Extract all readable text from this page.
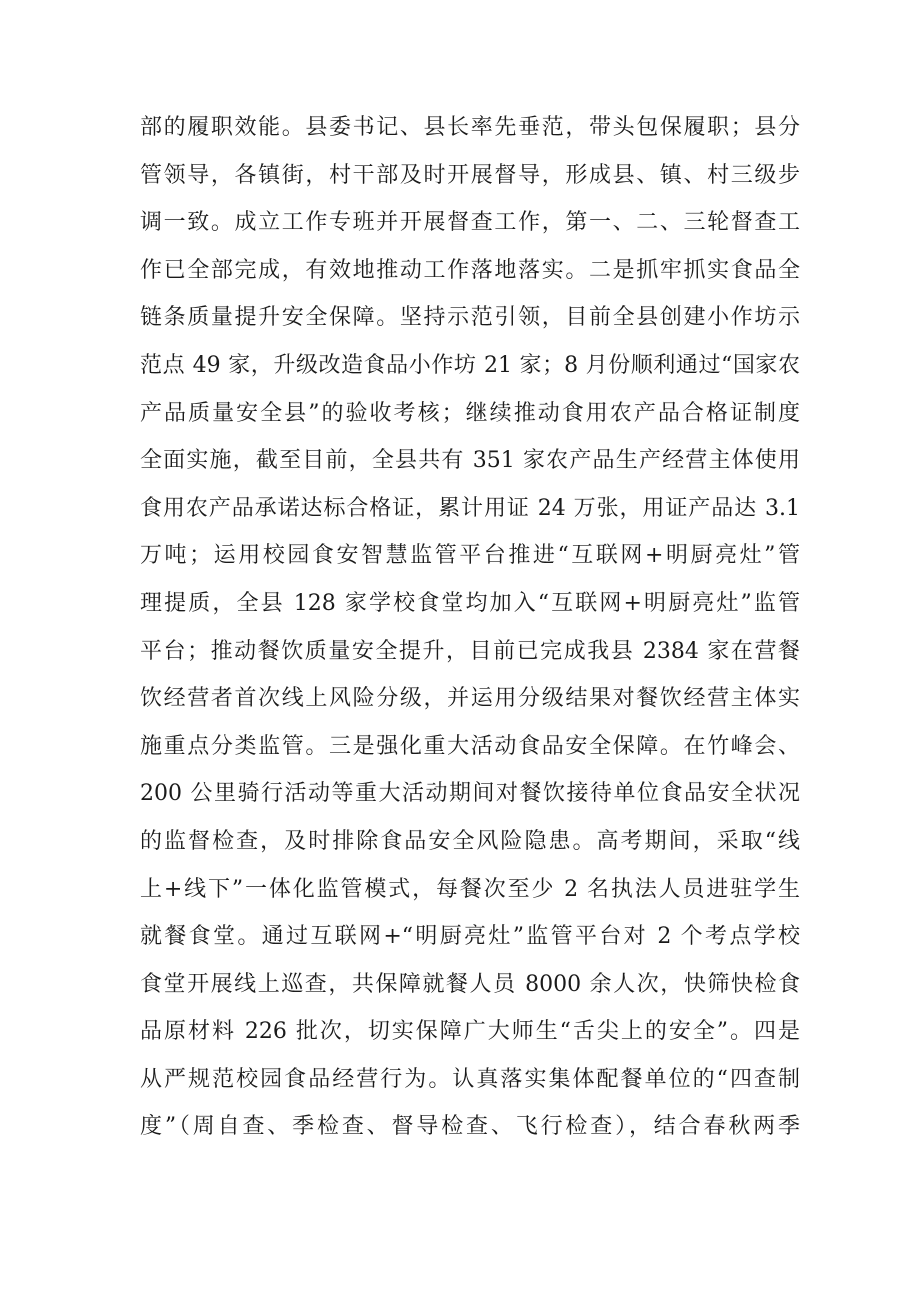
部的履职效能。县委书记、县长率先垂范，带头包保履职；县分
管领导，各镇街，村干部及时开展督导，形成县、镇、村三级步
调一致。成立工作专班并开展督查工作，第一、二、三轮督查工
作已全部完成，有效地推动工作落地落实。二是抓牢抓实食品全
链条质量提升安全保障。坚持示范引领，目前全县创建小作坊示
范点 49 家，升级改造食品小作坊 21 家；8 月份顺利通过“国家农
产品质量安全县”的验收考核；继续推动食用农产品合格证制度
全面实施，截至目前，全县共有 351 家农产品生产经营主体使用
食用农产品承诺达标合格证，累计用证 24 万张，用证产品达 3.1
万吨；运用校园食安智慧监管平台推进“互联网+明厨亮灶”管
理提质，全县 128 家学校食堂均加入“互联网+明厨亮灶”监管
平台；推动餐饮质量安全提升，目前已完成我县 2384 家在营餐
饮经营者首次线上风险分级，并运用分级结果对餐饮经营主体实
施重点分类监管。三是强化重大活动食品安全保障。在竹峰会、
200 公里骑行活动等重大活动期间对餐饮接待单位食品安全状况
的监督检查，及时排除食品安全风险隐患。高考期间，采取“线
上+线下”一体化监管模式，每餐次至少 2 名执法人员进驻学生
就餐食堂。通过互联网+“明厨亮灶”监管平台对 2 个考点学校
食堂开展线上巡查，共保障就餐人员 8000 余人次，快筛快检食
品原材料 226 批次，切实保障广大师生“舌尖上的安全”。四是
从严规范校园食品经营行为。认真落实集体配餐单位的“四查制
度”（周自查、季检查、督导检查、飞行检查），结合春秋两季
